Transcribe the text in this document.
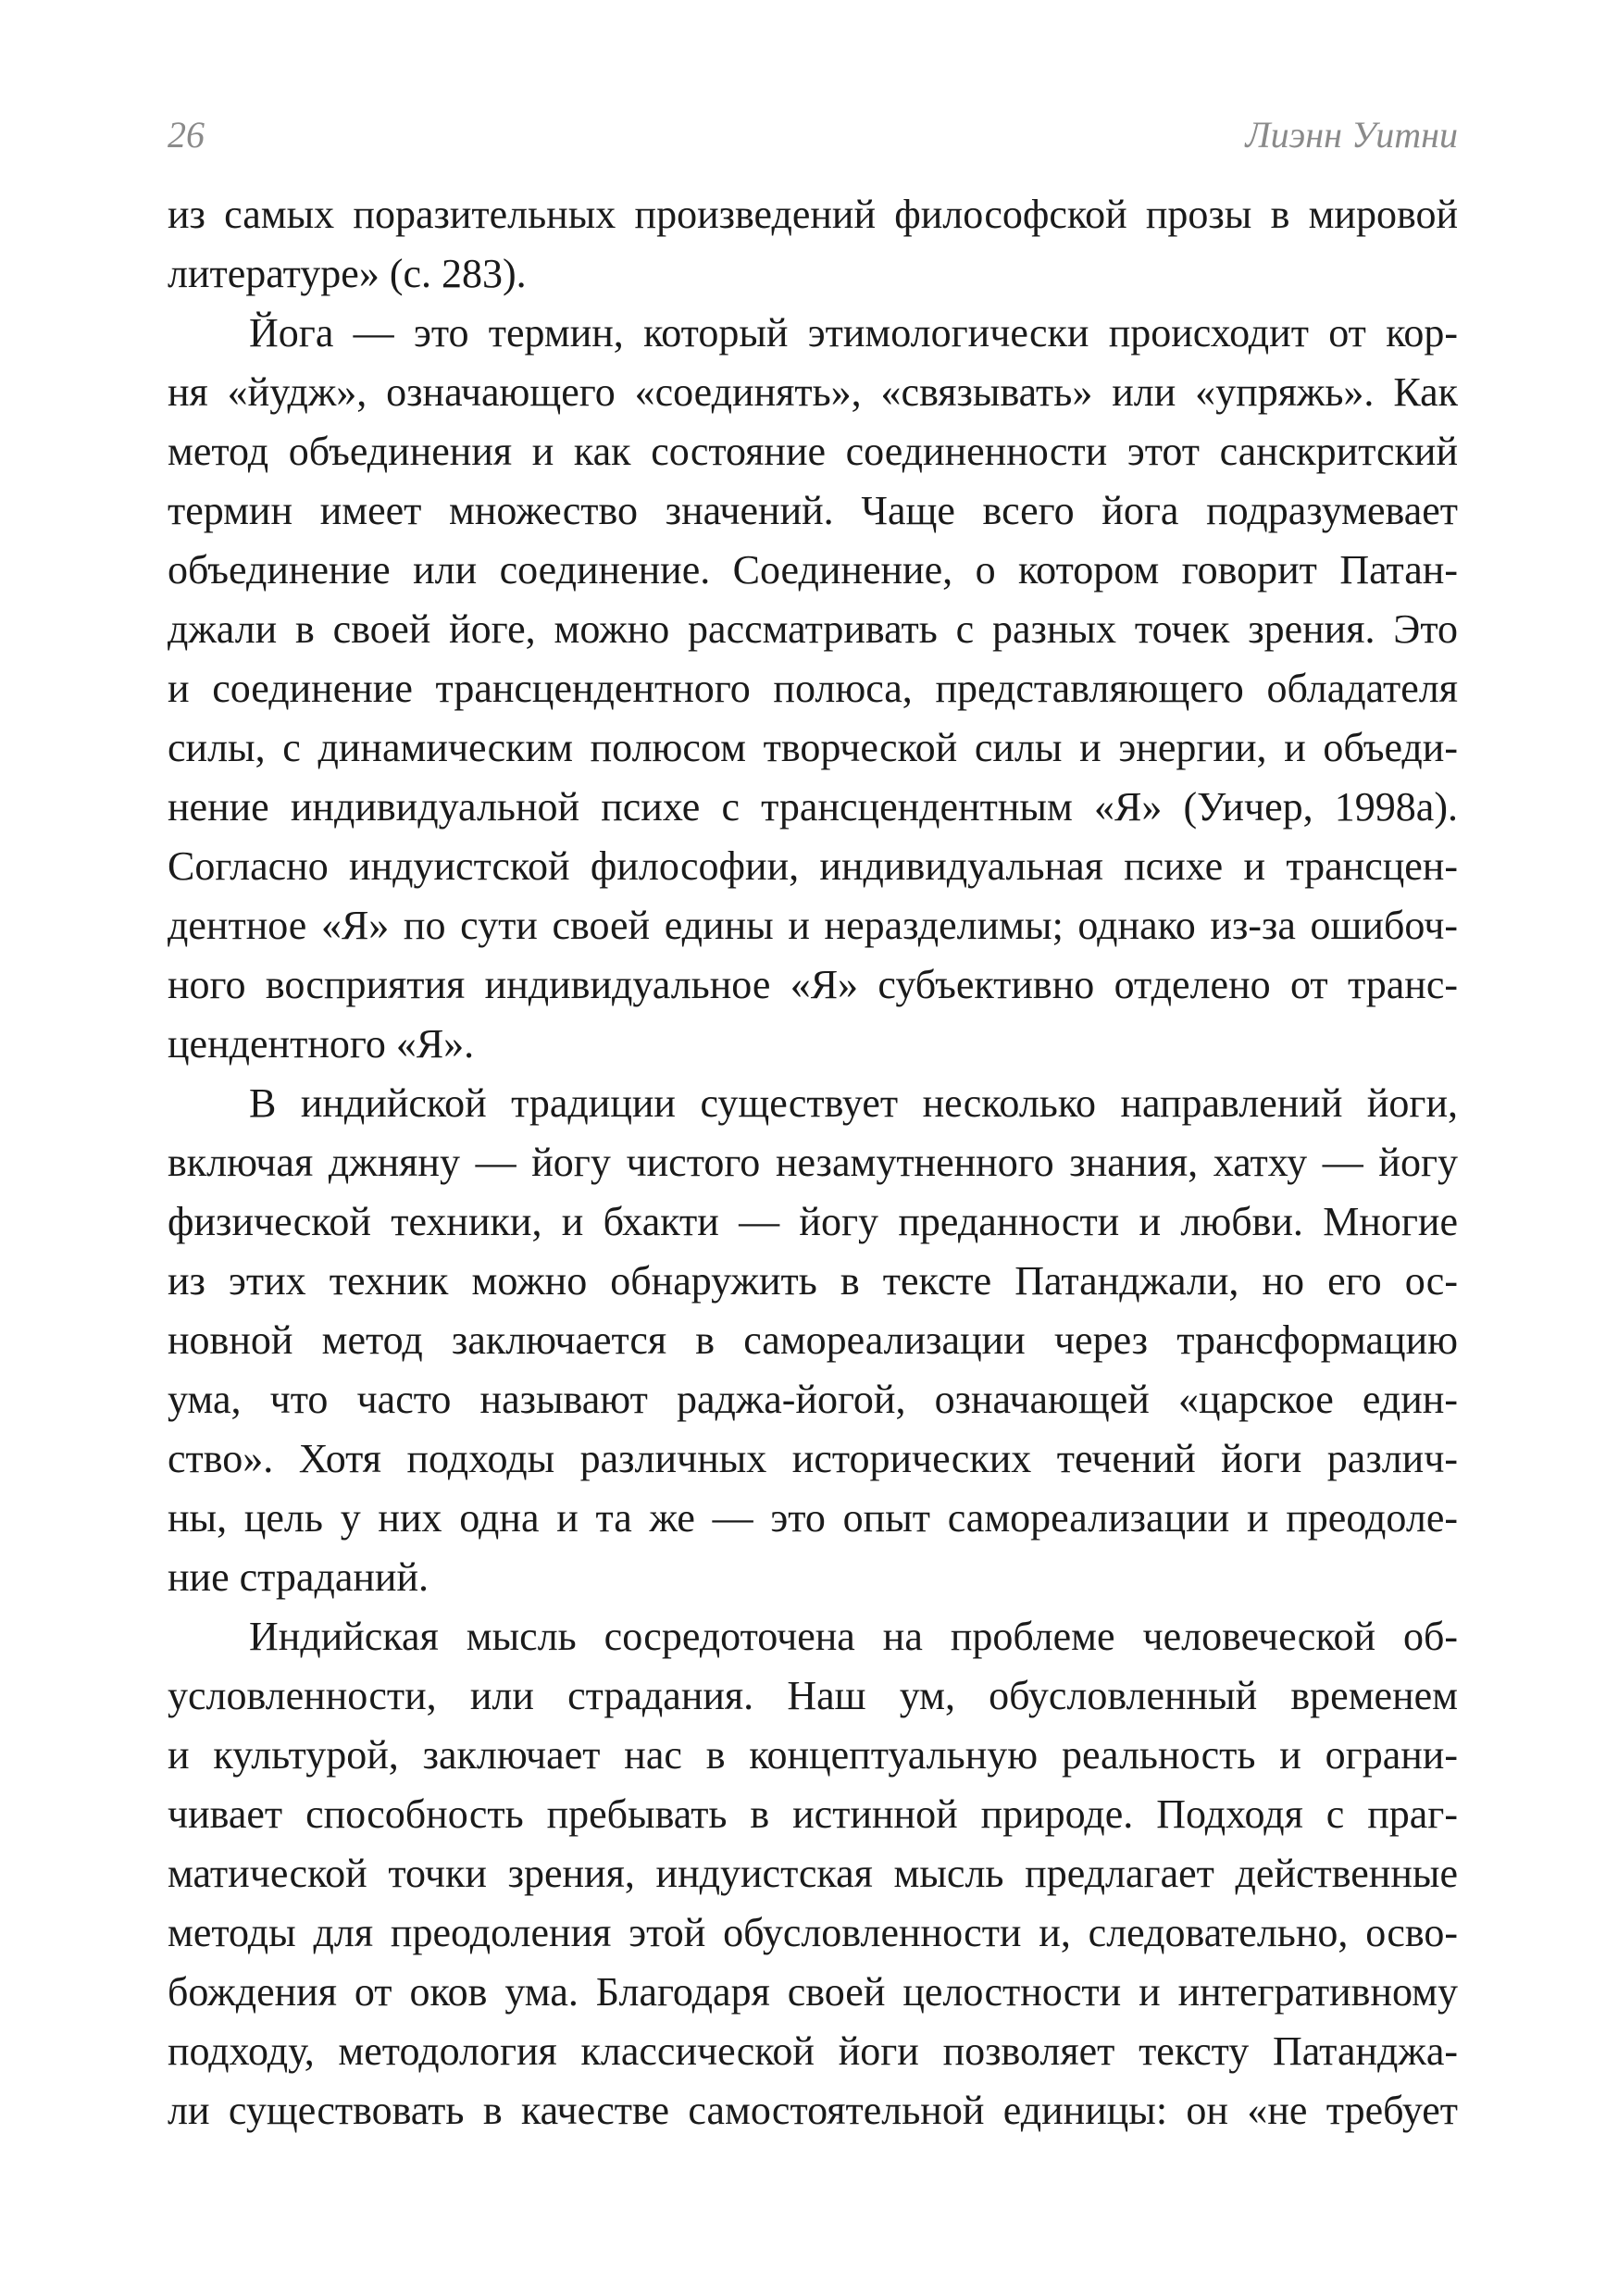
26	Лиэнн Уитни
из самых поразительных произведений философской прозы в мировой
литературе» (с. 283).
Йога — это термин, который этимологически происходит от кор-
ня «йудж», означающего «соединять», «связывать» или «упряжь». Как
метод объединения и как состояние соединенности этот санскритский
термин имеет множество значений. Чаще всего йога подразумевает
объединение или соединение. Соединение, о котором говорит Патан-
джали в своей йоге, можно рассматривать с разных точек зрения. Это
и соединение трансцендентного полюса, представляющего обладателя
силы, с динамическим полюсом творческой силы и энергии, и объеди-
нение индивидуальной психе с трансцендентным «Я» (Уичер, 1998а).
Согласно индуистской философии, индивидуальная психе и трансцен-
дентное «Я» по сути своей едины и неразделимы; однако из-за ошибоч-
ного восприятия индивидуальное «Я» субъективно отделено от транс-
цендентного «Я».
В индийской традиции существует несколько направлений йоги,
включая джняну — йогу чистого незамутненного знания, хатху — йогу
физической техники, и бхакти — йогу преданности и любви. Многие
из этих техник можно обнаружить в тексте Патанджали, но его ос-
новной метод заключается в самореализации через трансформацию
ума, что часто называют раджа-йогой, означающей «царское един-
ство». Хотя подходы различных исторических течений йоги различ-
ны, цель у них одна и та же — это опыт самореализации и преодоле-
ние страданий.
Индийская мысль сосредоточена на проблеме человеческой об-
условленности, или страдания. Наш ум, обусловленный временем
и культурой, заключает нас в концептуальную реальность и ограни-
чивает способность пребывать в истинной природе. Подходя с праг-
матической точки зрения, индуистская мысль предлагает действенные
методы для преодоления этой обусловленности и, следовательно, осво-
бождения от оков ума. Благодаря своей целостности и интегративному
подходу, методология классической йоги позволяет тексту Патанджа-
ли существовать в качестве самостоятельной единицы: он «не требует
